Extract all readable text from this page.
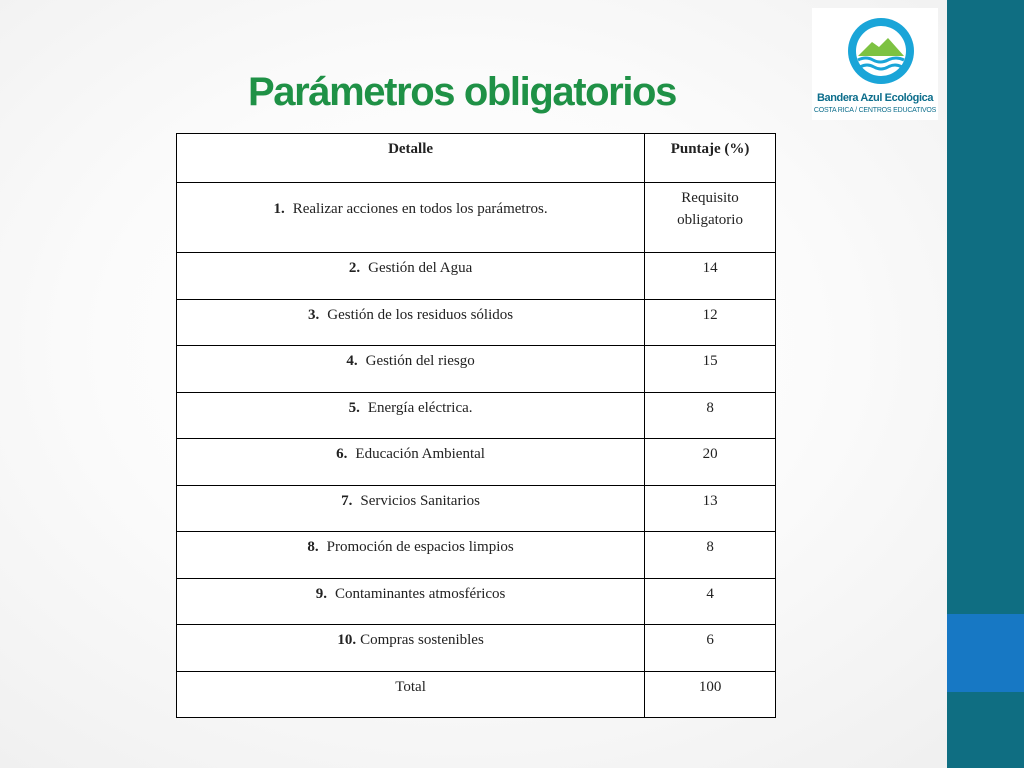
Bandera Azul Ecológica
COSTA RICA / CENTROS EDUCATIVOS
Parámetros obligatorios
Detalle	Puntaje (%)
1. Realizar acciones en todos los parámetros.	Requisito
obligatorio
2. Gestión del Agua	14
3. Gestión de los residuos sólidos	12
4. Gestión del riesgo	15
5. Energía eléctrica.	8
6. Educación Ambiental	20
7. Servicios Sanitarios	13
8. Promoción de espacios limpios	8
9. Contaminantes atmosféricos	4
10. Compras sostenibles	6
Total	100
